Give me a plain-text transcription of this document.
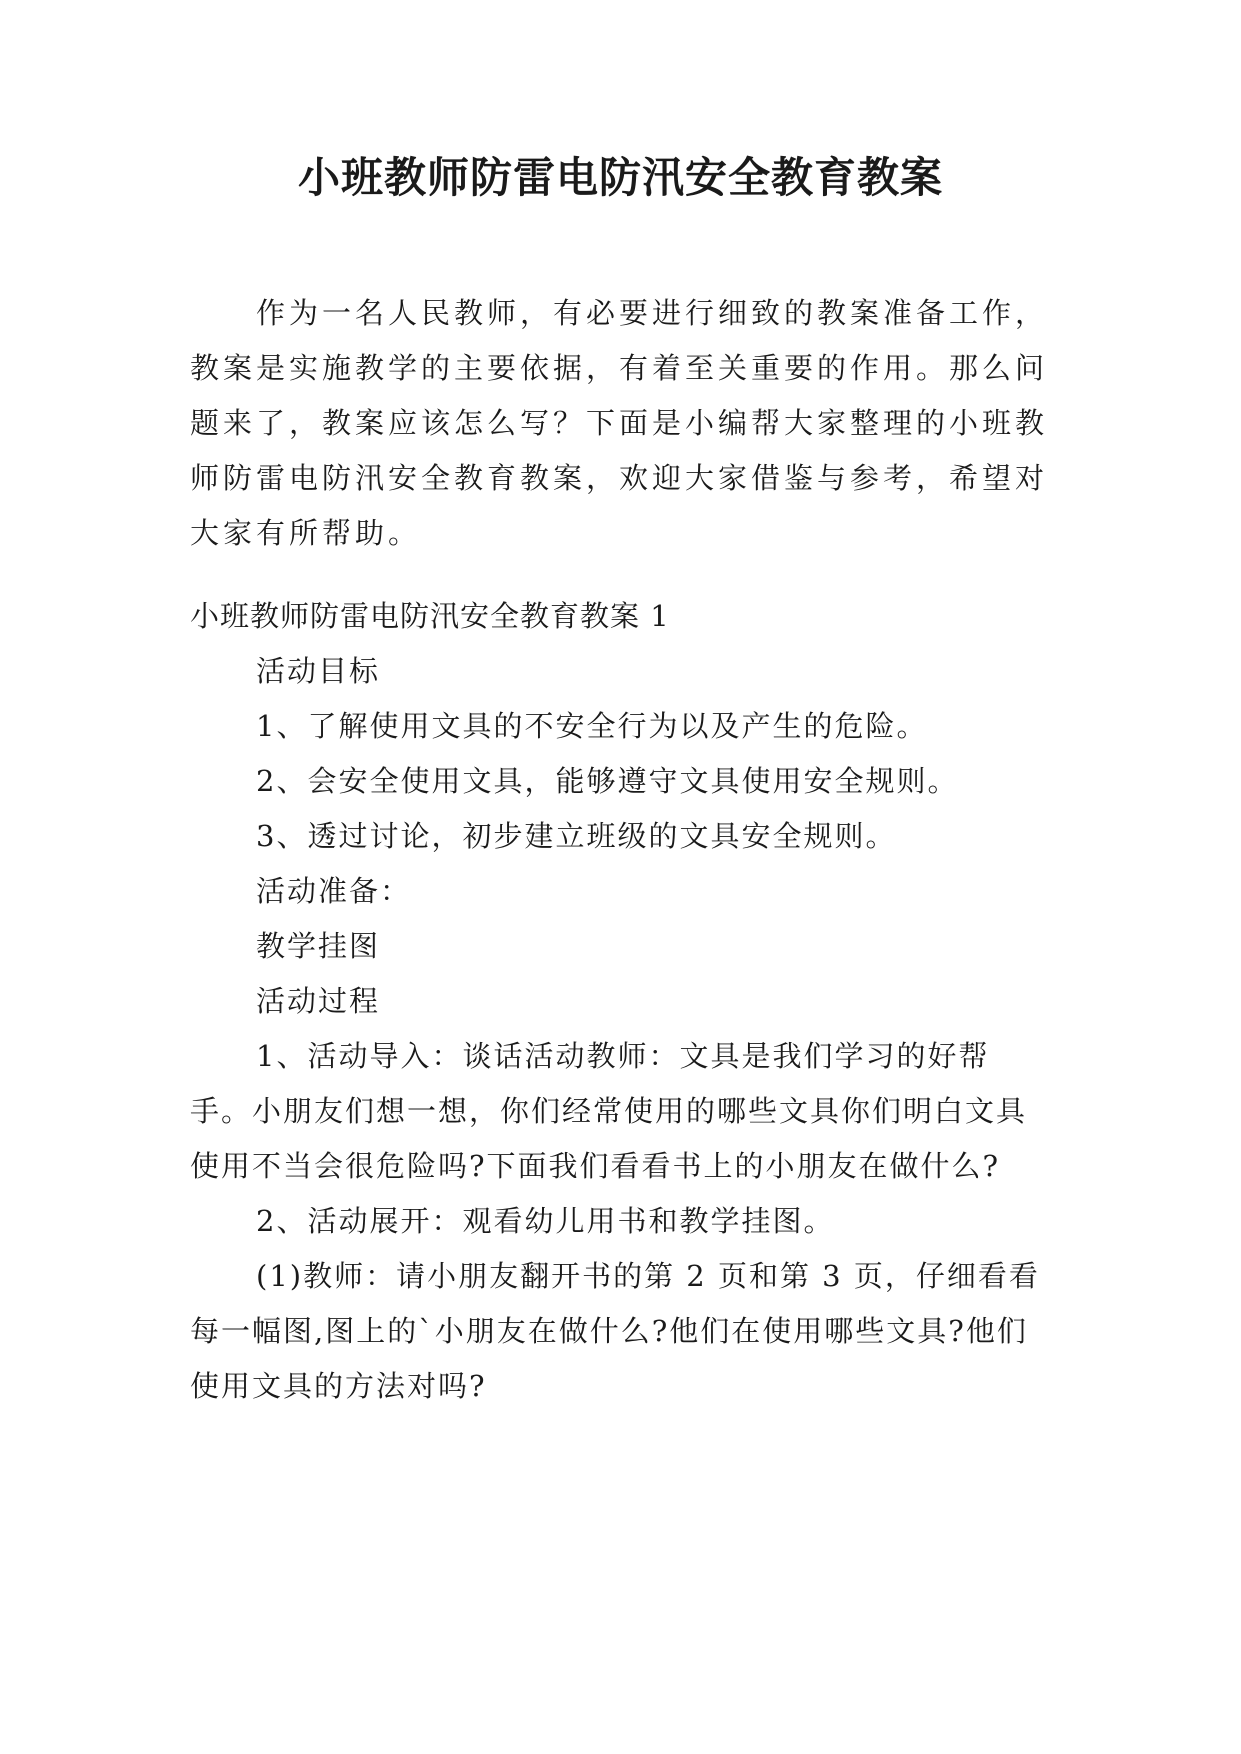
小班教师防雷电防汛安全教育教案

作为一名人民教师，有必要进行细致的教案准备工作，教案是实施教学的主要依据，有着至关重要的作用。那么问题来了，教案应该怎么写？下面是小编帮大家整理的小班教师防雷电防汛安全教育教案，欢迎大家借鉴与参考，希望对大家有所帮助。

小班教师防雷电防汛安全教育教案 1

活动目标

1、了解使用文具的不安全行为以及产生的危险。

2、会安全使用文具，能够遵守文具使用安全规则。

3、透过讨论，初步建立班级的文具安全规则。

活动准备：

教学挂图

活动过程

1、活动导入：谈话活动教师：文具是我们学习的好帮手。小朋友们想一想，你们经常使用的哪些文具你们明白文具使用不当会很危险吗?下面我们看看书上的小朋友在做什么?

2、活动展开：观看幼儿用书和教学挂图。

(1)教师：请小朋友翻开书的第 2 页和第 3 页，仔细看看每一幅图,图上的`小朋友在做什么?他们在使用哪些文具?他们使用文具的方法对吗?
